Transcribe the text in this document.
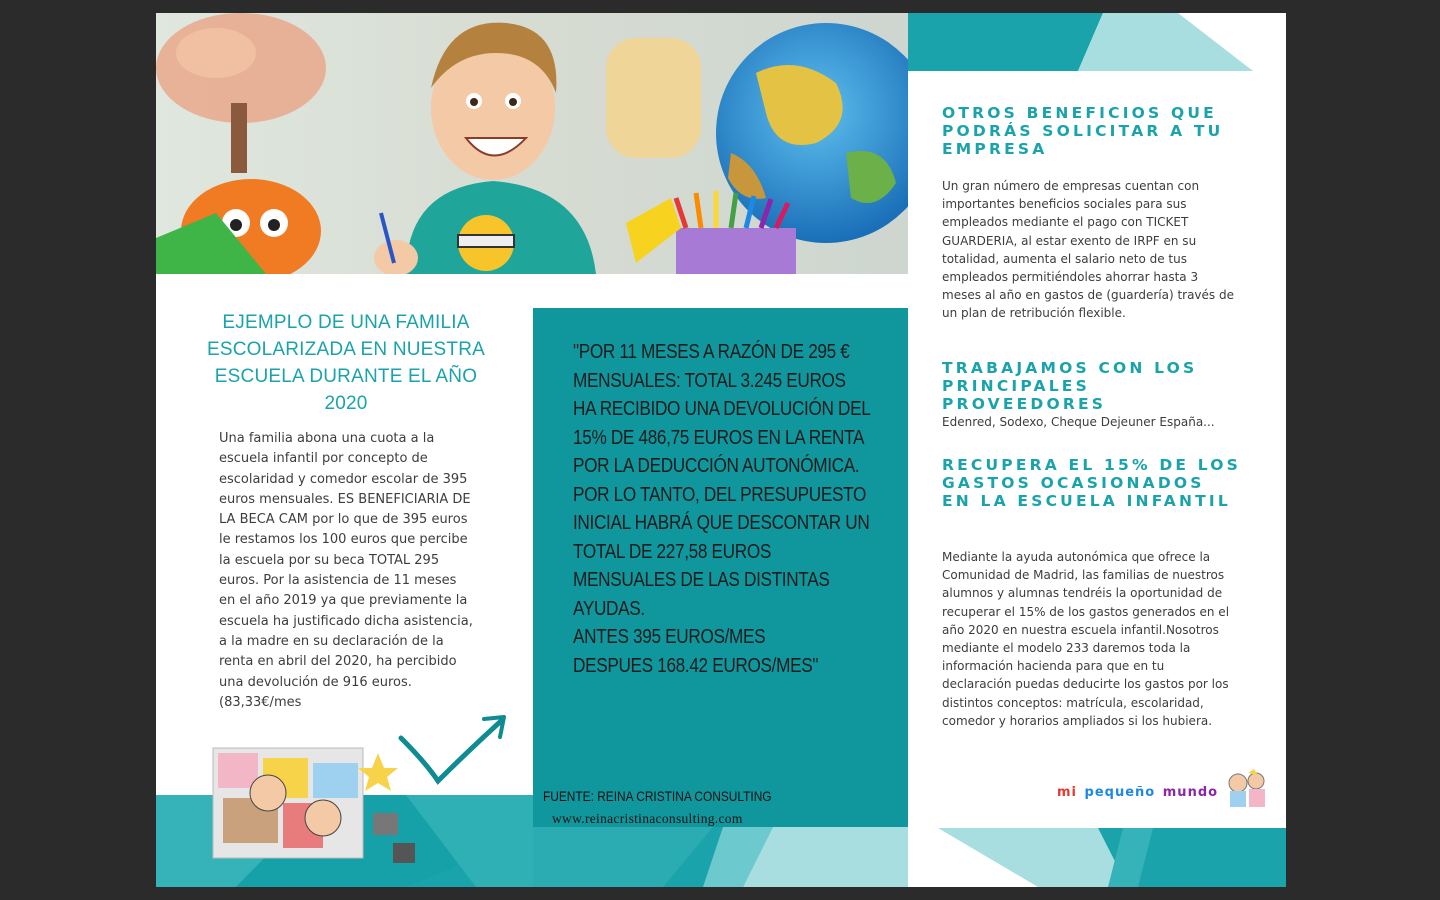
EJEMPLO DE UNA FAMILIA ESCOLARIZADA EN NUESTRA ESCUELA DURANTE EL AÑO 2020
Una familia abona una cuota a la escuela infantil por concepto de escolaridad y comedor escolar de 395 euros mensuales. ES BENEFICIARIA DE LA BECA CAM por lo que de 395 euros le restamos los 100 euros que percibe la escuela por su beca TOTAL 295 euros. Por la asistencia de 11 meses en el año 2019 ya que previamente la escuela ha justificado dicha asistencia, a la madre en su declaración de la renta en abril del 2020, ha percibido una devolución de 916 euros. (83,33€/mes
"POR 11 MESES A RAZÓN DE 295 €
MENSUALES: TOTAL 3.245 EUROS
HA RECIBIDO UNA DEVOLUCIÓN DEL
15% DE 486,75 EUROS EN LA RENTA
POR LA DEDUCCIÓN AUTONÓMICA.
POR LO TANTO, DEL PRESUPUESTO
INICIAL HABRÁ QUE DESCONTAR UN
TOTAL DE 227,58 EUROS
MENSUALES DE LAS DISTINTAS
AYUDAS.
ANTES 395 EUROS/MES
DESPUES 168.42 EUROS/MES"
FUENTE: REINA CRISTINA CONSULTING
www.reinacristinaconsulting.com
OTROS BENEFICIOS QUE PODRÁS SOLICITAR A TU EMPRESA
Un gran número de empresas cuentan con importantes beneficios sociales para sus empleados mediante el pago con TICKET GUARDERIA, al estar exento de IRPF en su totalidad, aumenta el salario neto de tus empleados permitiéndoles ahorrar hasta 3 meses al año en gastos de (guardería) través de un plan de retribución flexible.
TRABAJAMOS CON LOS PRINCIPALES PROVEEDORES
Edenred, Sodexo, Cheque Dejeuner España...
RECUPERA EL 15% DE LOS GASTOS OCASIONADOS EN LA ESCUELA INFANTIL
Mediante la ayuda autonómica que ofrece la Comunidad de Madrid, las familias de nuestros alumnos y alumnas tendréis la oportunidad de recuperar el 15% de los gastos generados en el año 2020 en nuestra escuela infantil.Nosotros mediante el modelo 233 daremos toda la información hacienda para que en tu declaración puedas deducirte los gastos por los distintos conceptos: matrícula, escolaridad, comedor y horarios ampliados si los hubiera.
mi pequeño mundo
